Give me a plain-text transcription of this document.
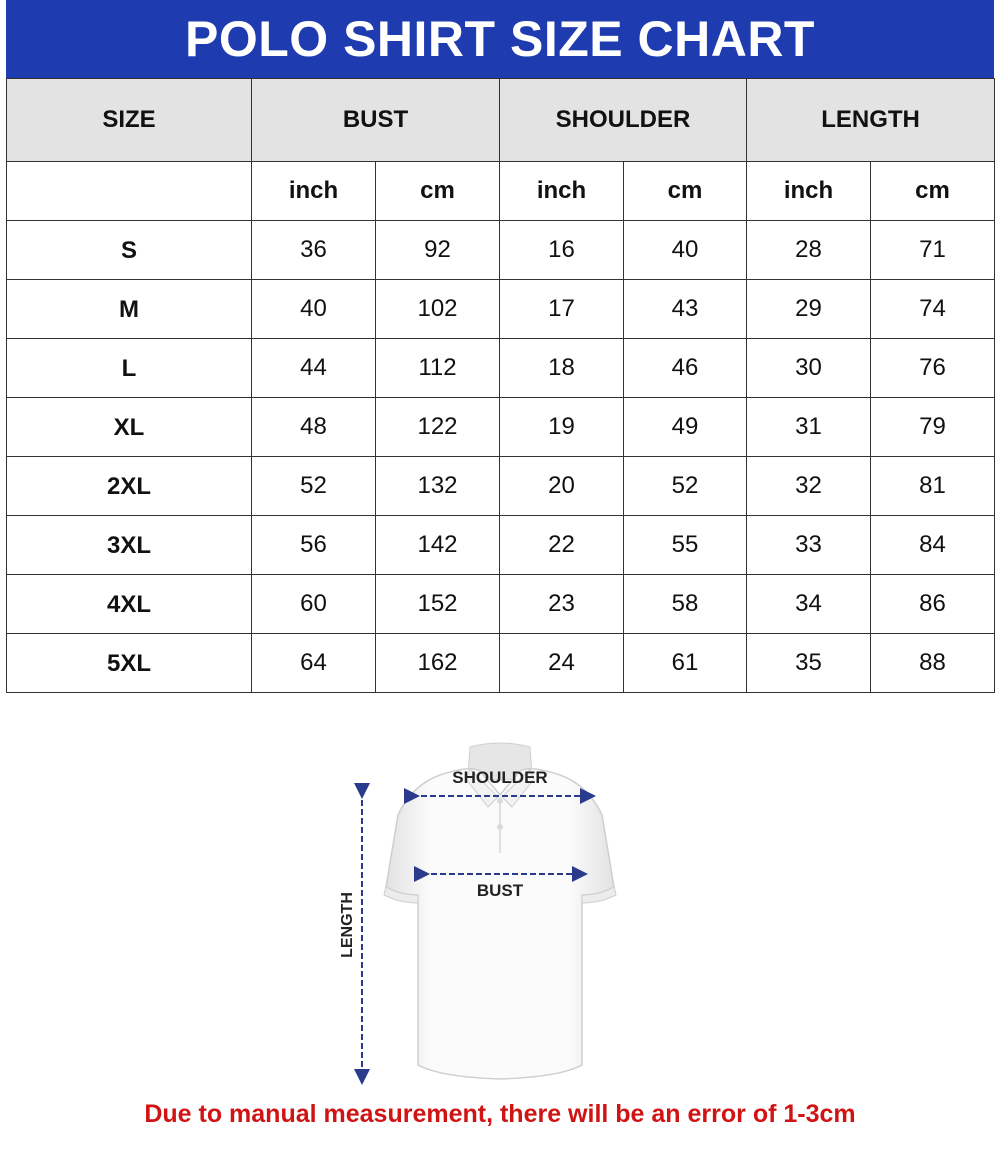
POLO SHIRT SIZE CHART
SIZE	BUST		SHOULDER		LENGTH	
	inch	cm	inch	cm	inch	cm
S	36	92	16	40	28	71
M	40	102	17	43	29	74
L	44	112	18	46	30	76
XL	48	122	19	49	31	79
2XL	52	132	20	52	32	81
3XL	56	142	22	55	33	84
4XL	60	152	23	58	34	86
5XL	64	162	24	61	35	88
SHOULDER
BUST
LENGTH
Due to manual measurement, there will be an error of 1-3cm
